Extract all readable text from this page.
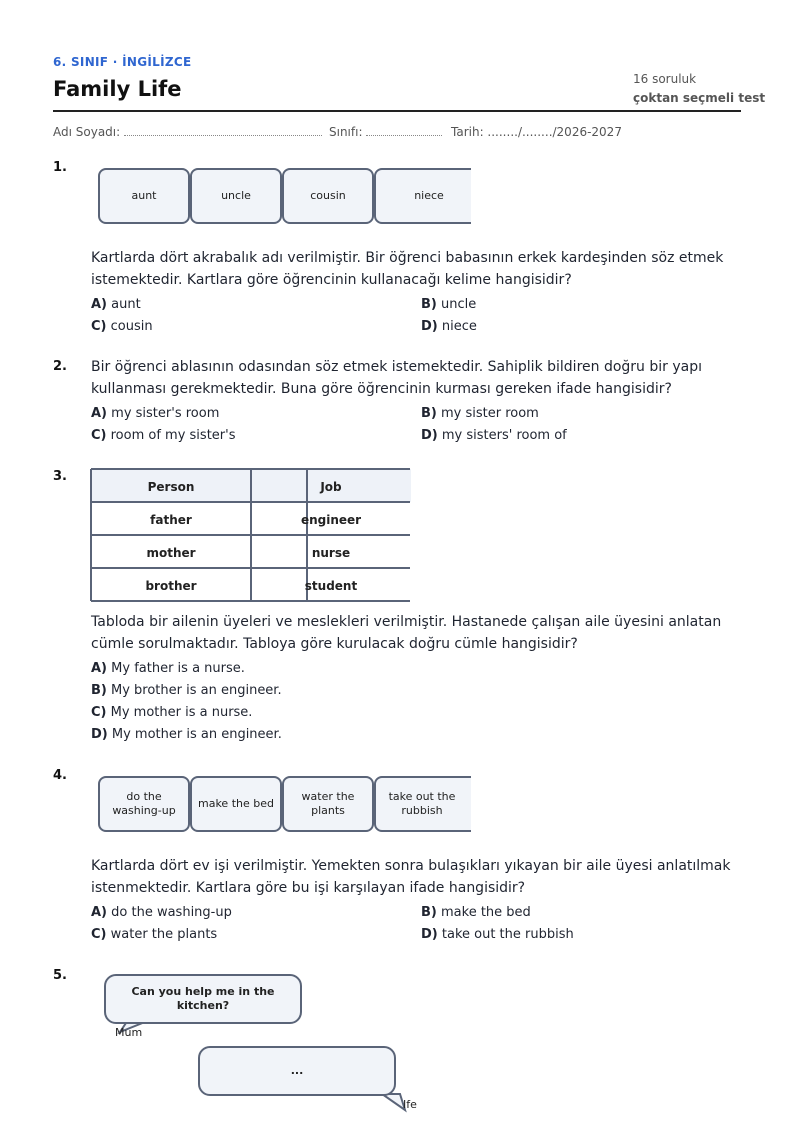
6. SINIF · İNGİLİZCE
Family Life	16 soruluk
çoktan seçmeli test
Adı Soyadı:	Sınıfı:	Tarih: ......../......../2026-2027
1.
aunt	uncle	cousin	niece
Kartlarda dört akrabalık adı verilmiştir. Bir öğrenci babasının erkek kardeşinden söz etmek istemektedir. Kartlara göre öğrencinin kullanacağı kelime hangisidir?
A) aunt	B) uncle
C) cousin	D) niece
2. Bir öğrenci ablasının odasından söz etmek istemektedir. Sahiplik bildiren doğru bir yapı kullanması gerekmektedir. Buna göre öğrencinin kurması gereken ifade hangisidir?
A) my sister's room	B) my sister room
C) room of my sister's	D) my sisters' room of
3.
Person	Job
father	engineer
mother	nurse
brother	student
Tabloda bir ailenin üyeleri ve meslekleri verilmiştir. Hastanede çalışan aile üyesini anlatan cümle sorulmaktadır. Tabloya göre kurulacak doğru cümle hangisidir?
A) My father is a nurse.
B) My brother is an engineer.
C) My mother is a nurse.
D) My mother is an engineer.
4.
do the washing-up
make the bed
water the plants
take out the rubbish
Kartlarda dört ev işi verilmiştir. Yemekten sonra bulaşıkları yıkayan bir aile üyesi anlatılmak istenmektedir. Kartlara göre bu işi karşılayan ifade hangisidir?
A) do the washing-up	B) make the bed
C) water the plants	D) take out the rubbish
5.
Can you help me in the kitchen?
Mum
...
Ife
